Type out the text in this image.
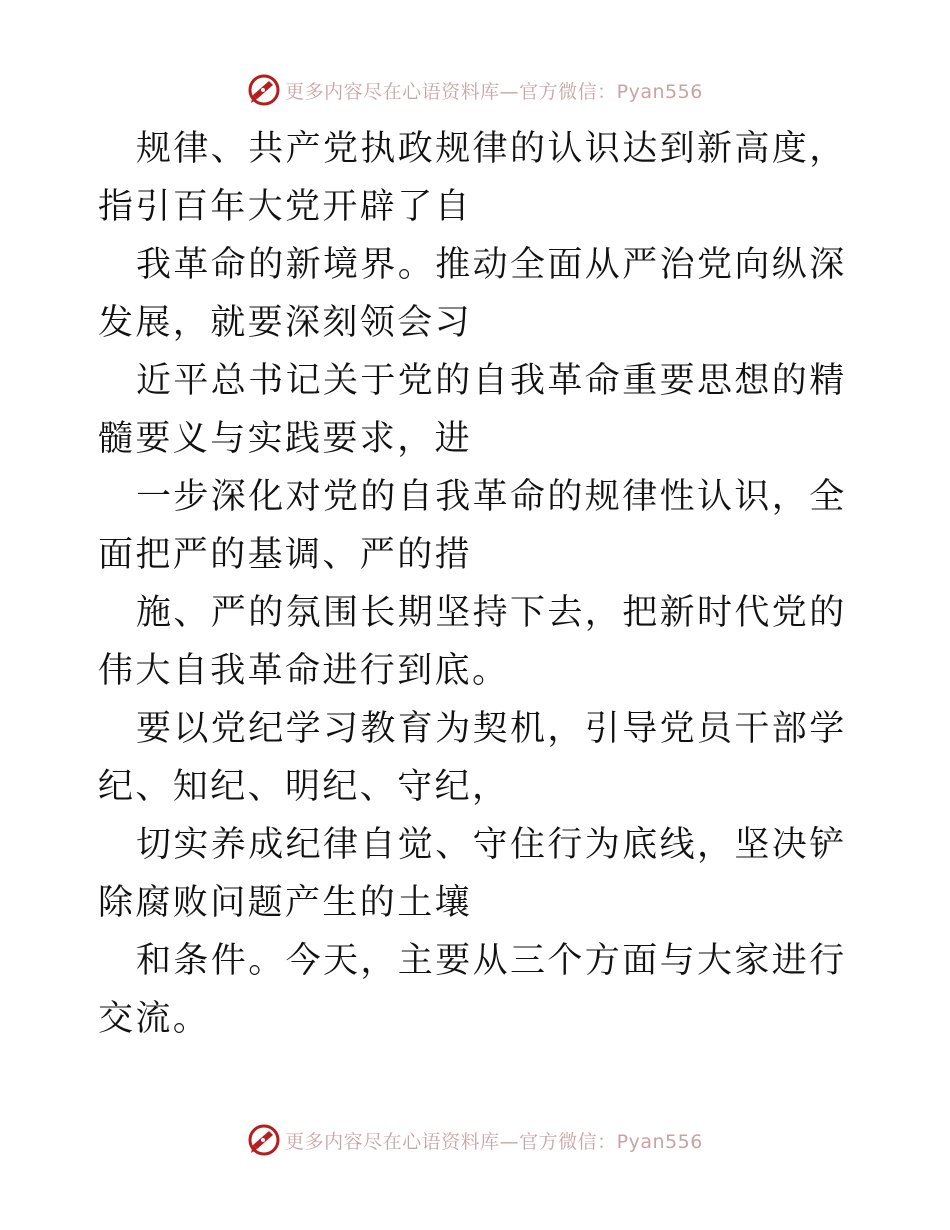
更多内容尽在心语资料库—官方微信：Pyan556

规律、共产党执政规律的认识达到新高度，指引百年大党开辟了自

我革命的新境界。推动全面从严治党向纵深发展，就要深刻领会习

近平总书记关于党的自我革命重要思想的精髓要义与实践要求，进

一步深化对党的自我革命的规律性认识，全面把严的基调、严的措

施、严的氛围长期坚持下去，把新时代党的伟大自我革命进行到底。

要以党纪学习教育为契机，引导党员干部学纪、知纪、明纪、守纪，

切实养成纪律自觉、守住行为底线，坚决铲除腐败问题产生的土壤

和条件。今天，主要从三个方面与大家进行交流。

更多内容尽在心语资料库—官方微信：Pyan556
